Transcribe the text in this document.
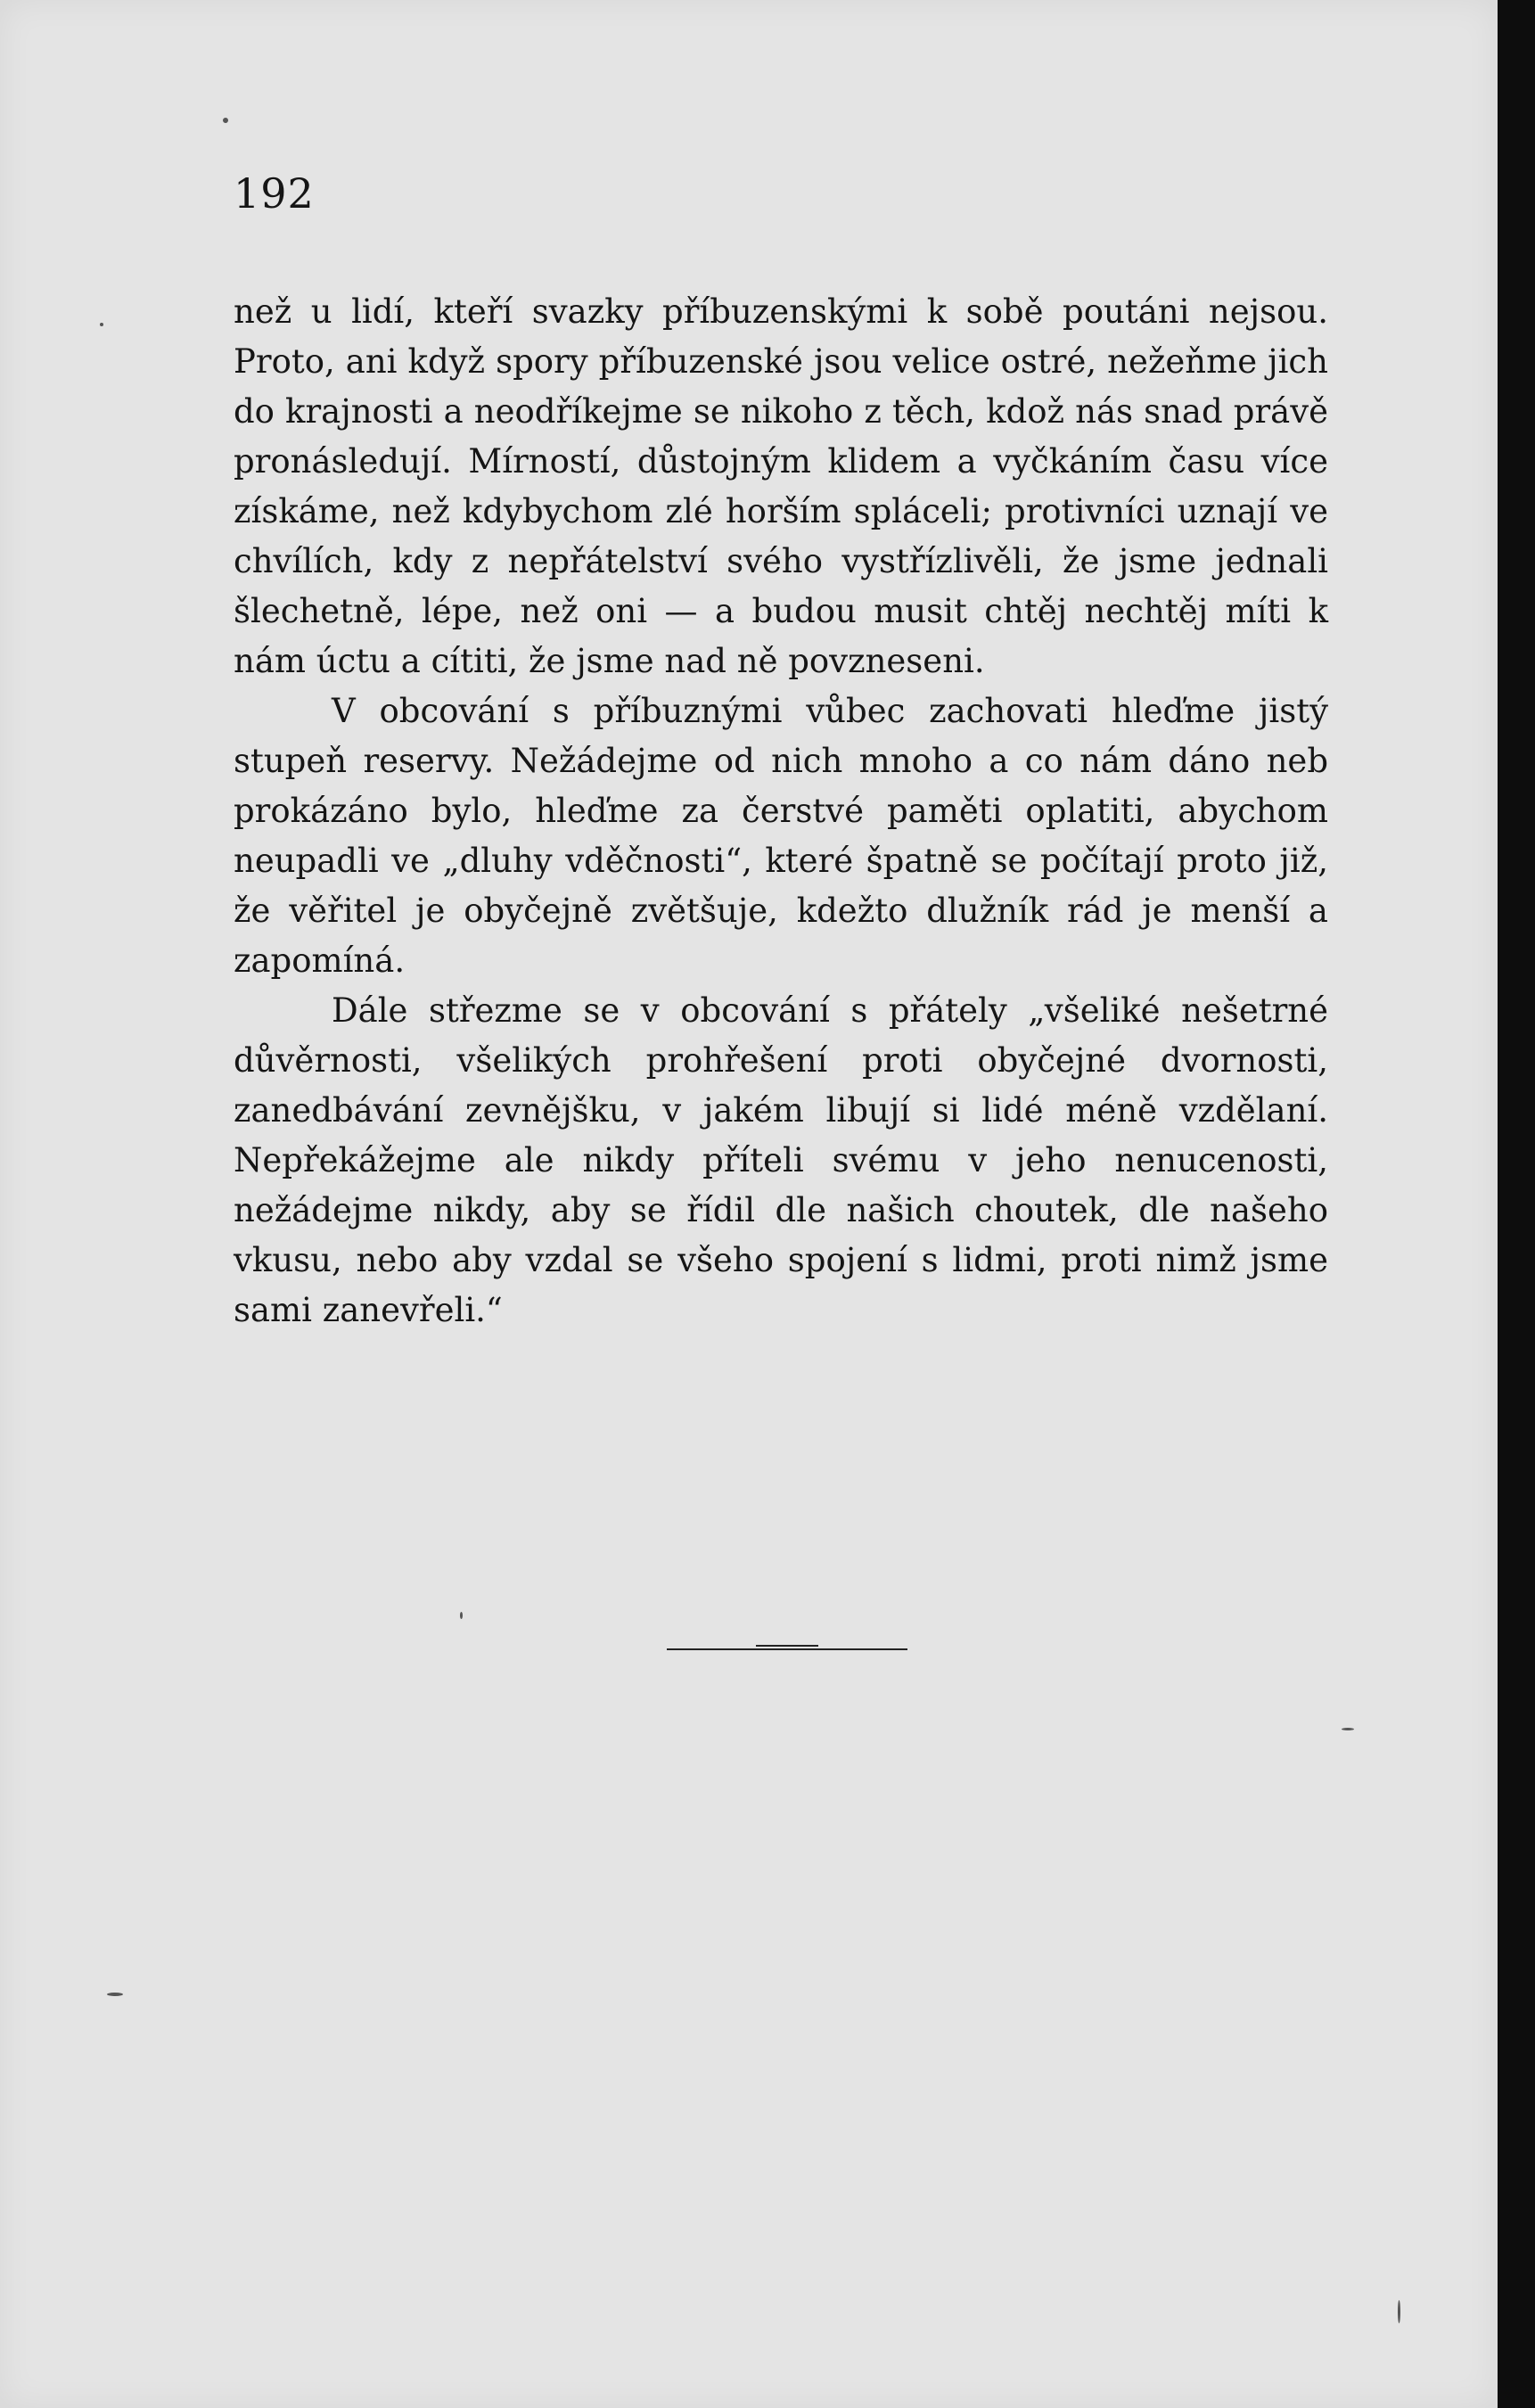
192

než u lidí, kteří svazky příbuzenskými k sobě poutáni nejsou. Proto, ani když spory příbuzenské jsou velice ostré, nežeňme jich do krajnosti a neodříkejme se nikoho z těch, kdož nás snad právě pronásledují. Mírností, důstojným klidem a vyčkáním času více získáme, než kdybychom zlé horším spláceli; protivníci uznají ve chvílích, kdy z nepřátelství svého vystřízlivěli, že jsme jednali šlechetně, lépe, než oni — a budou musit chtěj nechtěj míti k nám úctu a cítiti, že jsme nad ně povzneseni.

V obcování s příbuznými vůbec zachovati hleďme jistý stupeň reservy. Nežádejme od nich mnoho a co nám dáno neb prokázáno bylo, hleďme za čerstvé paměti oplatiti, abychom neupadli ve „dluhy vděčnosti“, které špatně se počítají proto již, že věřitel je obyčejně zvětšuje, kdežto dlužník rád je menší a zapomíná.

Dále střezme se v obcování s přátely „všeliké nešetrné důvěrnosti, všelikých prohřešení proti obyčejné dvornosti, zanedbávání zevnějšku, v jakém libují si lidé méně vzdělaní. Nepřekážejme ale nikdy příteli svému v jeho nenucenosti, nežádejme nikdy, aby se řídil dle našich choutek, dle našeho vkusu, nebo aby vzdal se všeho spojení s lidmi, proti nimž jsme sami zanevřeli.“
